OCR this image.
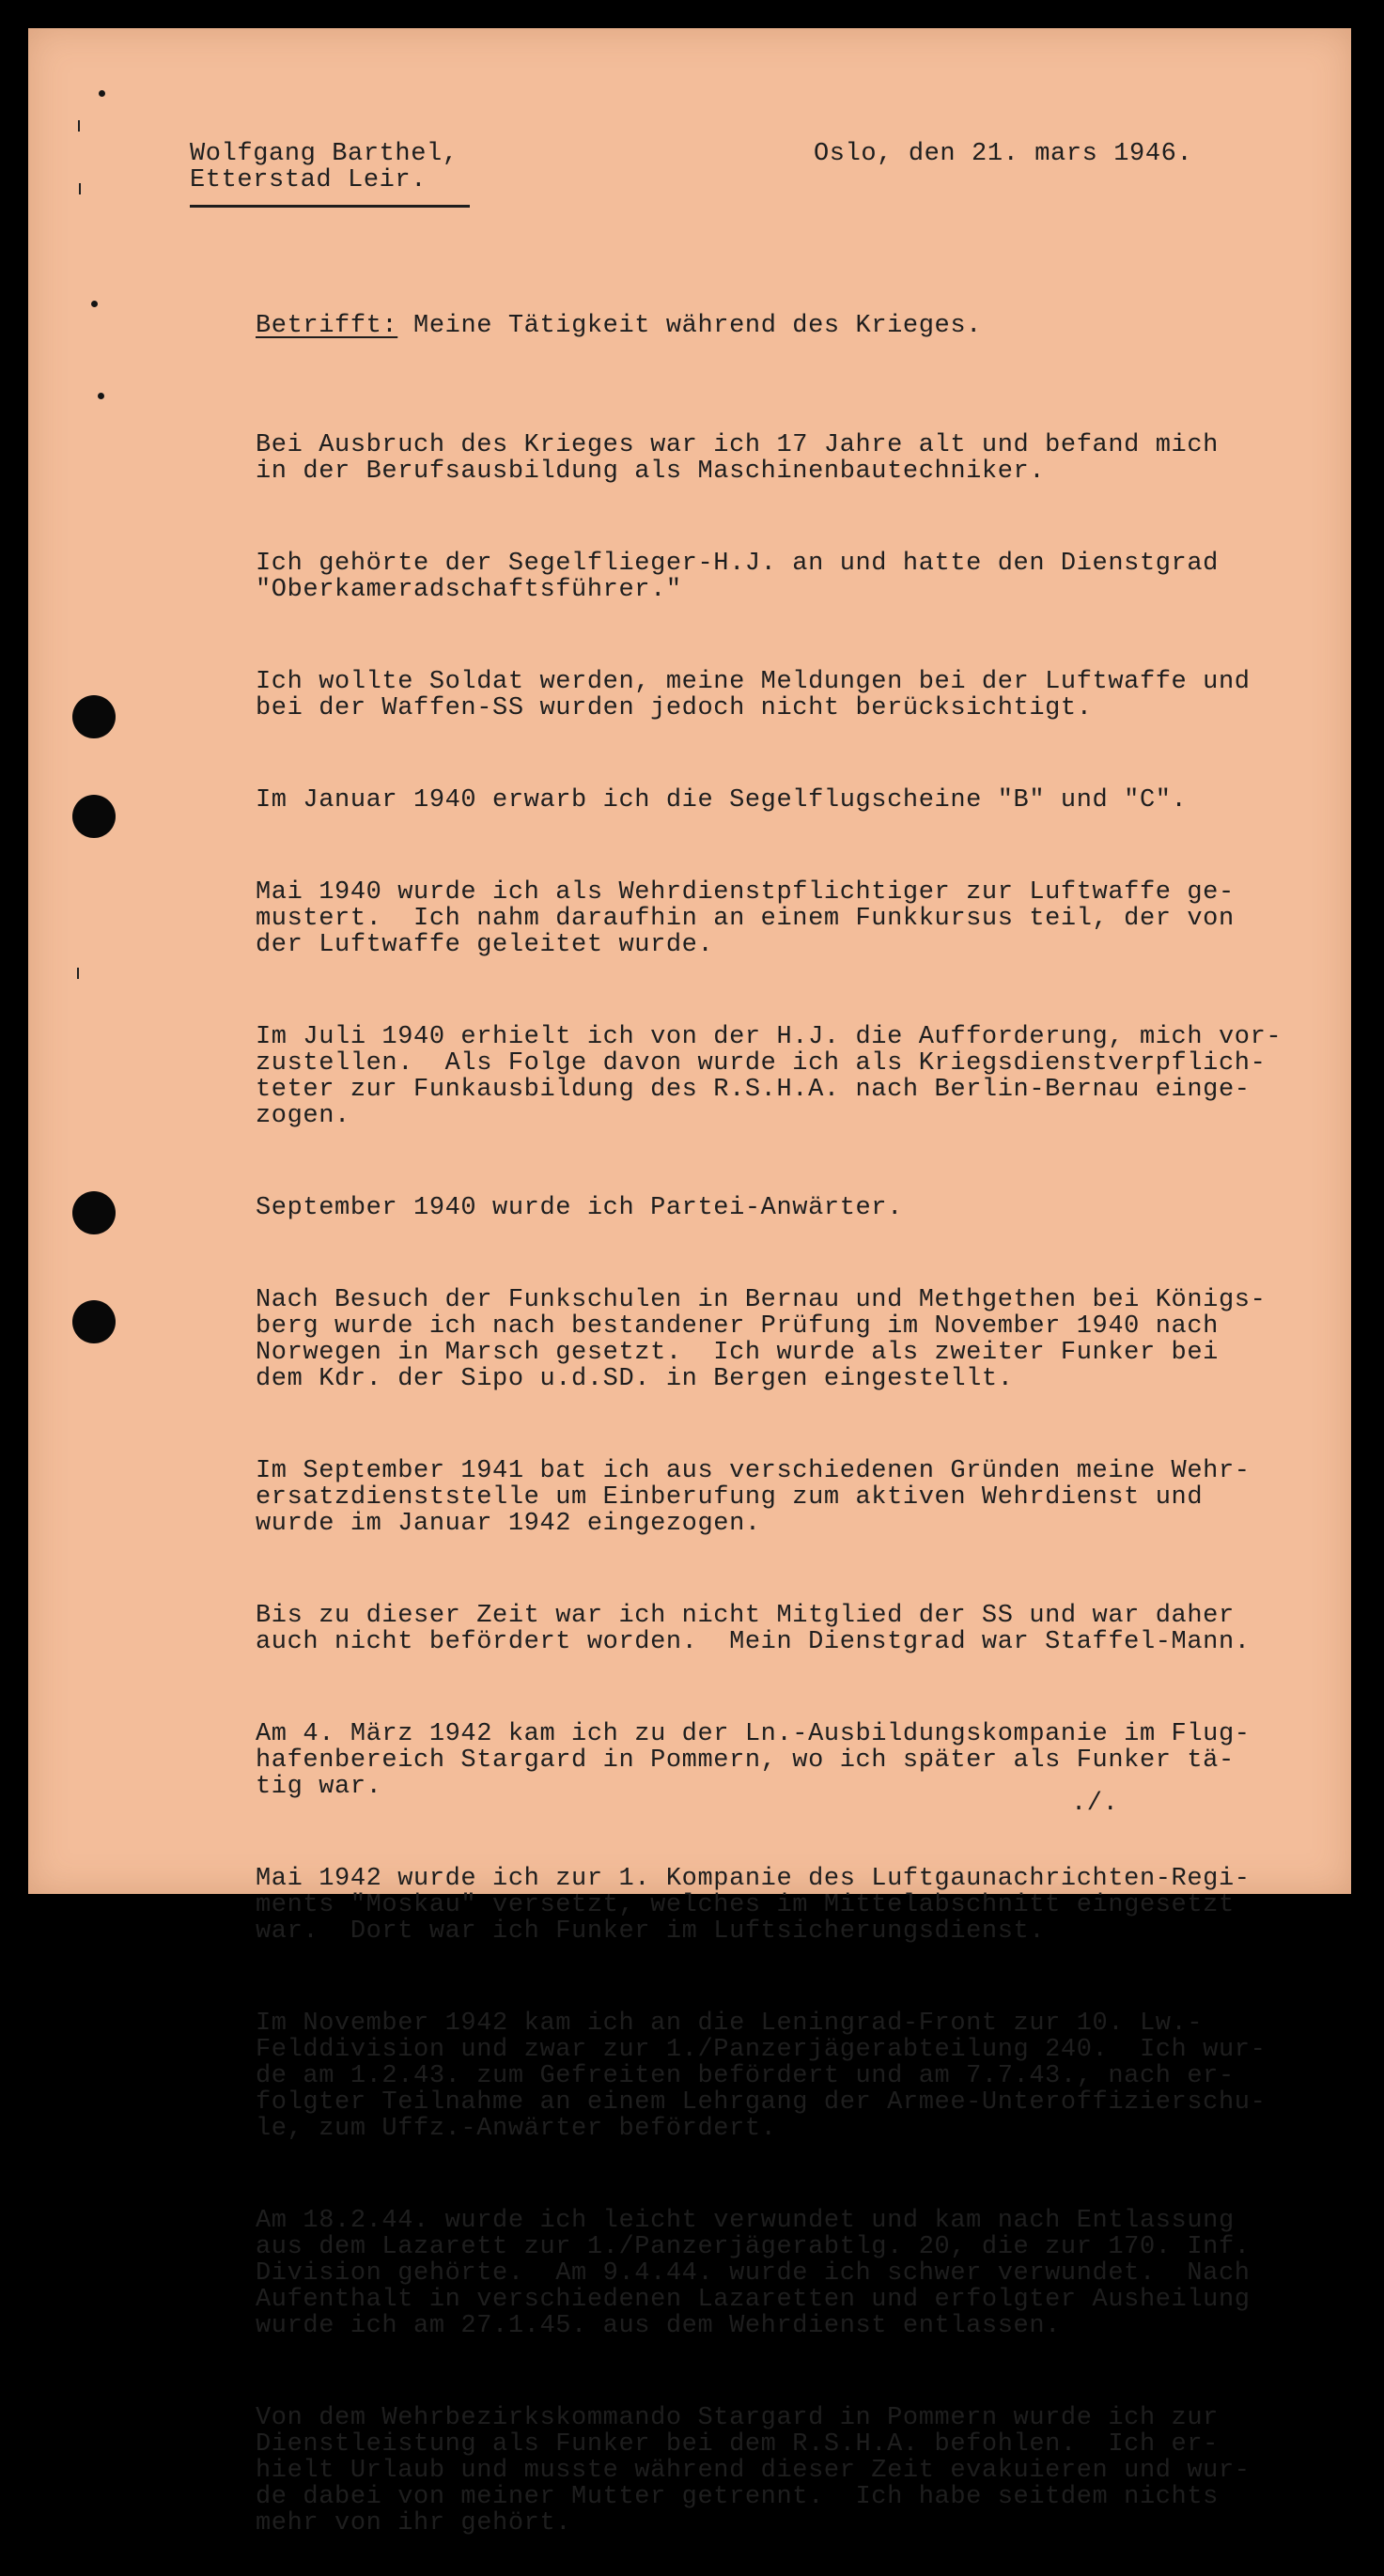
Wolfgang Barthel,
Etterstad Leir.
Oslo, den 21. mars 1946.
Betrifft: Meine Tätigkeit während des Krieges.

Bei Ausbruch des Krieges war ich 17 Jahre alt und befand mich
in der Berufsausbildung als Maschinenbautechniker.

Ich gehörte der Segelflieger-H.J. an und hatte den Dienstgrad
"Oberkameradschaftsführer."

Ich wollte Soldat werden, meine Meldungen bei der Luftwaffe und
bei der Waffen-SS wurden jedoch nicht berücksichtigt.

Im Januar 1940 erwarb ich die Segelflugscheine "B" und "C".

Mai 1940 wurde ich als Wehrdienstpflichtiger zur Luftwaffe ge-
mustert.  Ich nahm daraufhin an einem Funkkursus teil, der von
der Luftwaffe geleitet wurde.

Im Juli 1940 erhielt ich von der H.J. die Aufforderung, mich vor-
zustellen.  Als Folge davon wurde ich als Kriegsdienstverpflich-
teter zur Funkausbildung des R.S.H.A. nach Berlin-Bernau einge-
zogen.

September 1940 wurde ich Partei-Anwärter.

Nach Besuch der Funkschulen in Bernau und Methgethen bei Königs-
berg wurde ich nach bestandener Prüfung im November 1940 nach
Norwegen in Marsch gesetzt.  Ich wurde als zweiter Funker bei
dem Kdr. der Sipo u.d.SD. in Bergen eingestellt.

Im September 1941 bat ich aus verschiedenen Gründen meine Wehr-
ersatzdienststelle um Einberufung zum aktiven Wehrdienst und
wurde im Januar 1942 eingezogen.

Bis zu dieser Zeit war ich nicht Mitglied der SS und war daher
auch nicht befördert worden.  Mein Dienstgrad war Staffel-Mann.

Am 4. März 1942 kam ich zu der Ln.-Ausbildungskompanie im Flug-
hafenbereich Stargard in Pommern, wo ich später als Funker tä-
tig war.

Mai 1942 wurde ich zur 1. Kompanie des Luftgaunachrichten-Regi-
ments "Moskau" versetzt, welches im Mittelabschnitt eingesetzt
war.  Dort war ich Funker im Luftsicherungsdienst.

Im November 1942 kam ich an die Leningrad-Front zur 10. Lw.-
Felddivision und zwar zur 1./Panzerjägerabteilung 240.  Ich wur-
de am 1.2.43. zum Gefreiten befördert und am 7.7.43., nach er-
folgter Teilnahme an einem Lehrgang der Armee-Unteroffizierschu-
le, zum Uffz.-Anwärter befördert.

Am 18.2.44. wurde ich leicht verwundet und kam nach Entlassung
aus dem Lazarett zur 1./Panzerjägerabtlg. 20, die zur 170. Inf.
Division gehörte.  Am 9.4.44. wurde ich schwer verwundet.  Nach
Aufenthalt in verschiedenen Lazaretten und erfolgter Ausheilung
wurde ich am 27.1.45. aus dem Wehrdienst entlassen.

Von dem Wehrbezirkskommando Stargard in Pommern wurde ich zur
Dienstleistung als Funker bei dem R.S.H.A. befohlen.  Ich er-
hielt Urlaub und musste während dieser Zeit evakuieren und wur-
de dabei von meiner Mutter getrennt.  Ich habe seitdem nichts
mehr von ihr gehört.

./.
